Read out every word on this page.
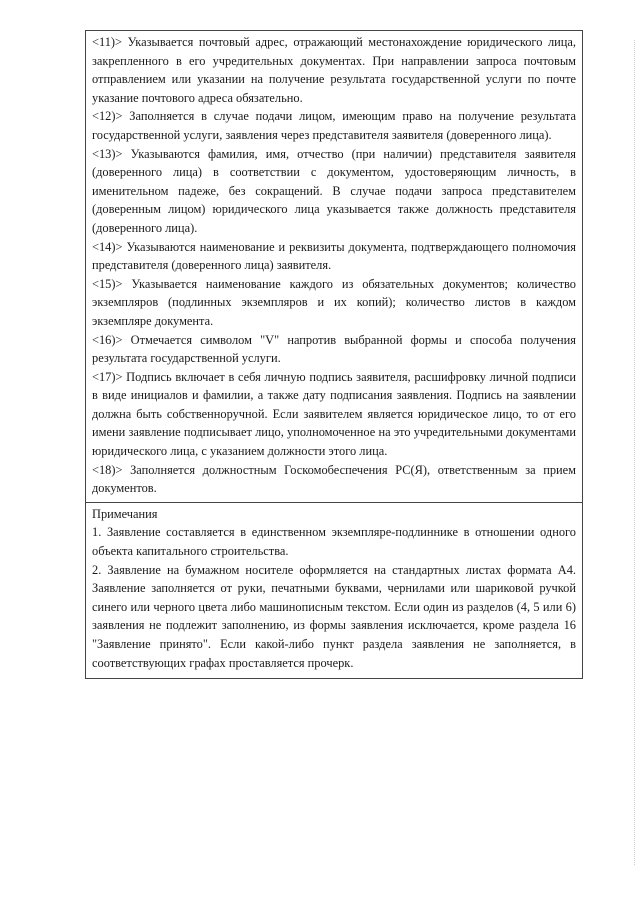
<11)> Указывается почтовый адрес, отражающий местонахождение юридического лица, закрепленного в его учредительных документах. При направлении запроса почтовым отправлением или указании на получение результата государственной услуги по почте указание почтового адреса обязательно.

<12)> Заполняется в случае подачи лицом, имеющим право на получение результата государственной услуги, заявления через представителя заявителя (доверенного лица).

<13)> Указываются фамилия, имя, отчество (при наличии) представителя заявителя (доверенного лица) в соответствии с документом, удостоверяющим личность, в именительном падеже, без сокращений. В случае подачи запроса представителем (доверенным лицом) юридического лица указывается также должность представителя (доверенного лица).

<14)> Указываются наименование и реквизиты документа, подтверждающего полномочия представителя (доверенного лица) заявителя.

<15)> Указывается наименование каждого из обязательных документов; количество экземпляров (подлинных экземпляров и их копий); количество листов в каждом экземпляре документа.

<16)> Отмечается символом "V" напротив выбранной формы и способа получения результата государственной услуги.

<17)> Подпись включает в себя личную подпись заявителя, расшифровку личной подписи в виде инициалов и фамилии, а также дату подписания заявления. Подпись на заявлении должна быть собственноручной. Если заявителем является юридическое лицо, то от его имени заявление подписывает лицо, уполномоченное на это учредительными документами юридического лица, с указанием должности этого лица.

<18)> Заполняется должностным Госкомобеспечения РС(Я), ответственным за прием документов.

Примечания

1. Заявление составляется в единственном экземпляре-подлиннике в отношении одного объекта капитального строительства.

2. Заявление на бумажном носителе оформляется на стандартных листах формата А4. Заявление заполняется от руки, печатными буквами, чернилами или шариковой ручкой синего или черного цвета либо машинописным текстом. Если один из разделов (4, 5 или 6) заявления не подлежит заполнению, из формы заявления исключается, кроме раздела 16 "Заявление принято". Если какой-либо пункт раздела заявления не заполняется, в соответствующих графах проставляется прочерк.
